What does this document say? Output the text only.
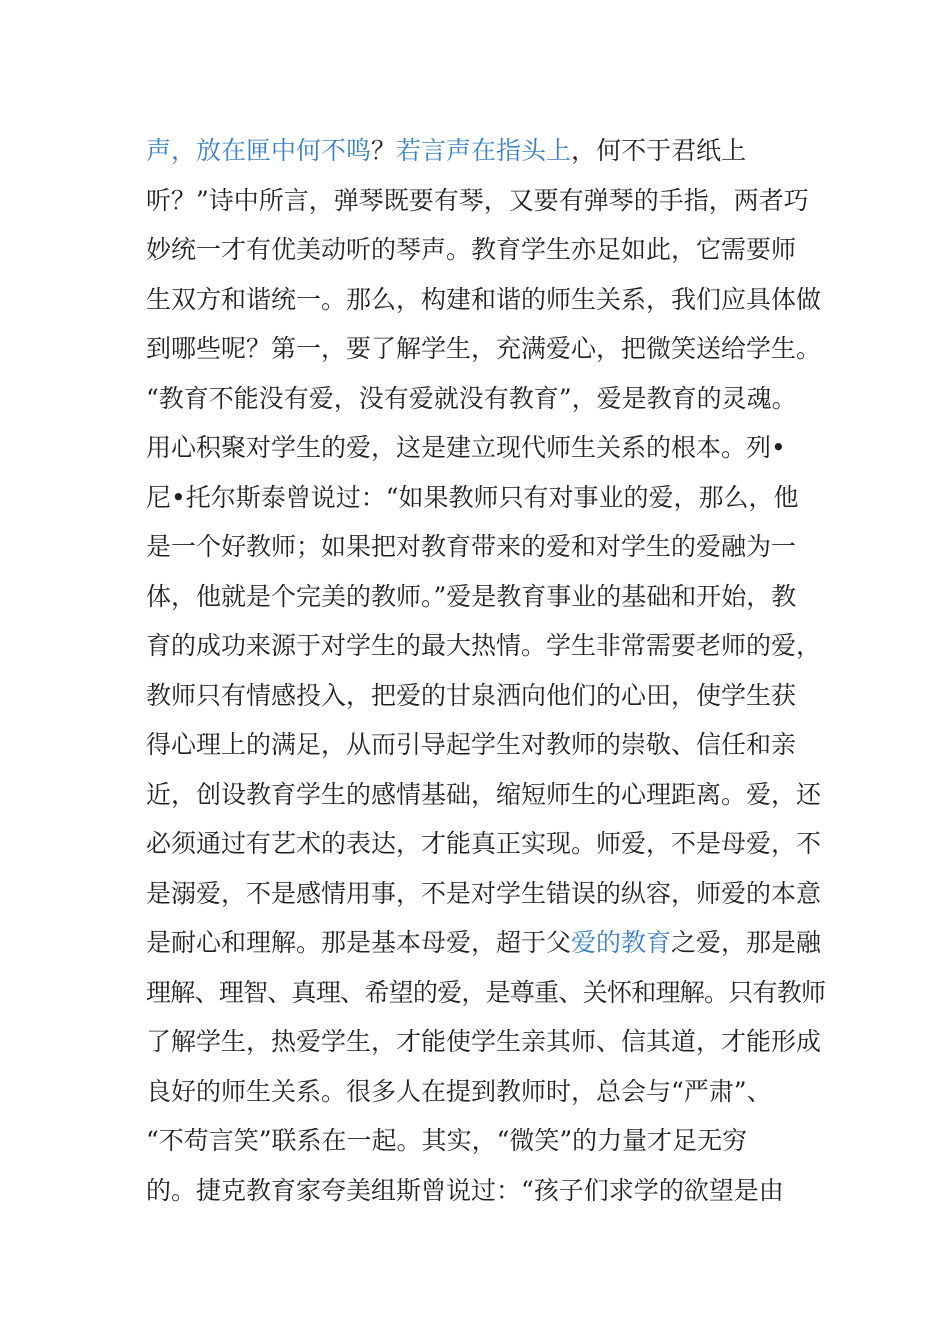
声，放在匣中何不鸣？若言声在指头上，何不于君纸上
听？”诗中所言，弹琴既要有琴，又要有弹琴的手指，两者巧
妙统一才有优美动听的琴声。教育学生亦足如此，它需要师
生双方和谐统一。那么，构建和谐的师生关系，我们应具体做
到哪些呢？第一，要了解学生，充满爱心，把微笑送给学生。
“教育不能没有爱，没有爱就没有教育”，爱是教育的灵魂。
用心积聚对学生的爱，这是建立现代师生关系的根本。列•
尼•托尔斯泰曾说过：“如果教师只有对事业的爱，那么，他
是一个好教师；如果把对教育带来的爱和对学生的爱融为一
体，他就是个完美的教师。”爱是教育事业的基础和开始，教
育的成功来源于对学生的最大热情。学生非常需要老师的爱，
教师只有情感投入，把爱的甘泉洒向他们的心田，使学生获
得心理上的满足，从而引导起学生对教师的崇敬、信任和亲
近，创设教育学生的感情基础，缩短师生的心理距离。爱，还
必须通过有艺术的表达，才能真正实现。师爱，不是母爱，不
是溺爱，不是感情用事，不是对学生错误的纵容，师爱的本意
是耐心和理解。那是基本母爱，超于父爱的教育之爱，那是融
理解、理智、真理、希望的爱，是尊重、关怀和理解。只有教师
了解学生，热爱学生，才能使学生亲其师、信其道，才能形成
良好的师生关系。很多人在提到教师时，总会与“严肃”、
“不苟言笑”联系在一起。其实，“微笑”的力量才足无穷
的。捷克教育家夸美组斯曾说过：“孩子们求学的欲望是由
